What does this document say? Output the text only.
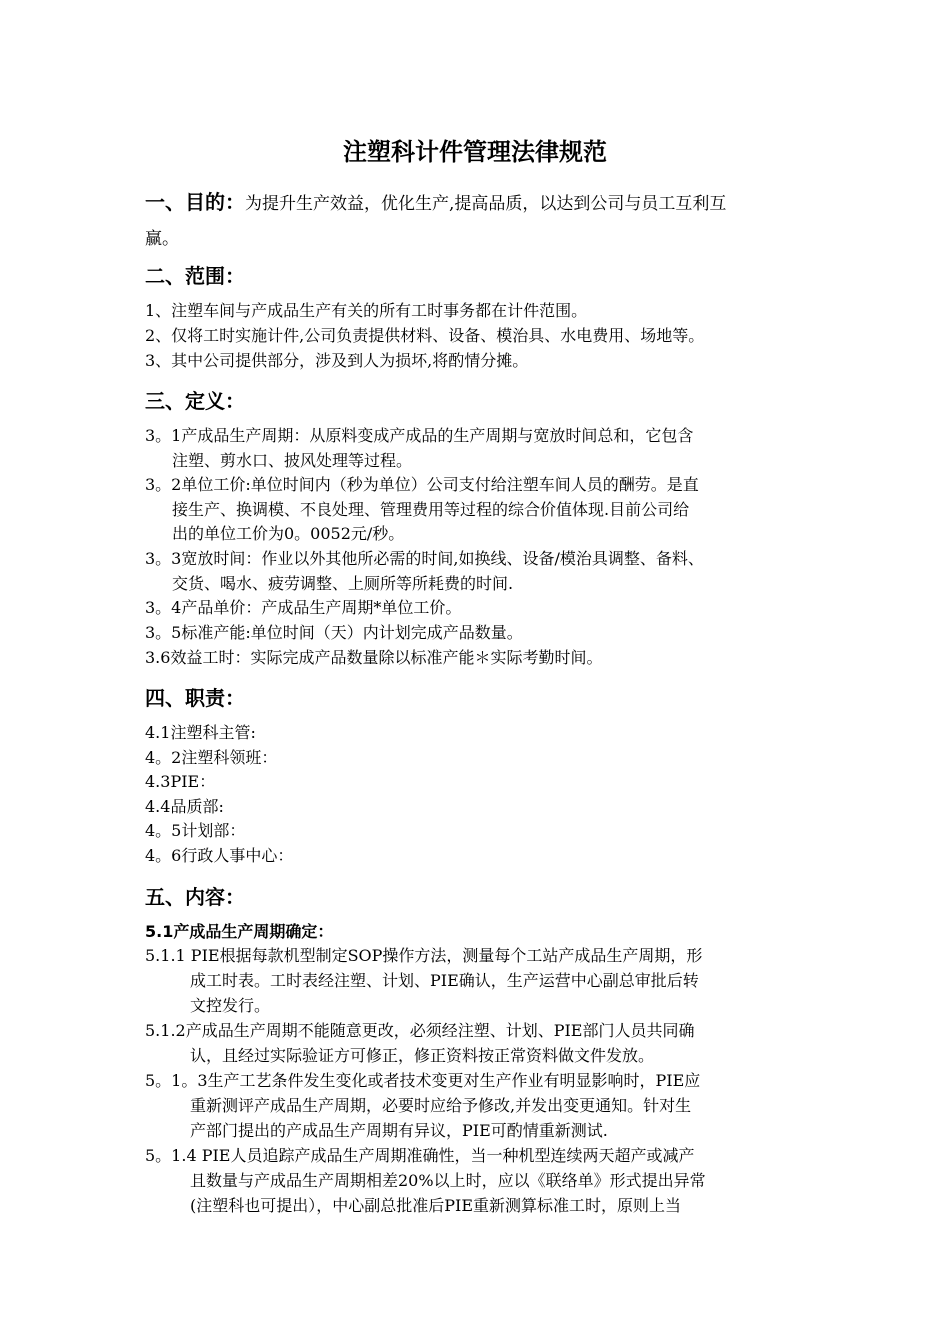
注塑科计件管理法律规范
一、目的：为提升生产效益，优化生产,提高品质，以达到公司与员工互利互
赢。
二、范围：
1、注塑车间与产成品生产有关的所有工时事务都在计件范围。
2、仅将工时实施计件,公司负责提供材料、设备、模治具、水电费用、场地等。
3、其中公司提供部分，涉及到人为损坏,将酌情分摊。
三、定义：
3。1产成品生产周期：从原料变成产成品的生产周期与宽放时间总和，它包含
注塑、剪水口、披风处理等过程。
3。2单位工价:单位时间内（秒为单位）公司支付给注塑车间人员的酬劳。是直
接生产、换调模、不良处理、管理费用等过程的综合价值体现.目前公司给
出的单位工价为0。0052元/秒。
3。3宽放时间：作业以外其他所必需的时间,如换线、设备/模治具调整、备料、
交货、喝水、疲劳调整、上厕所等所耗费的时间.
3。4产品单价：产成品生产周期*单位工价。
3。5标准产能:单位时间（天）内计划完成产品数量。
3.6效益工时：实际完成产品数量除以标准产能＊实际考勤时间。
四、职责：
4.1注塑科主管:
4。2注塑科领班：
4.3PIE：
4.4品质部:
4。5计划部：
4。6行政人事中心：
五、内容：
5.1产成品生产周期确定：
5.1.1 PIE根据每款机型制定SOP操作方法，测量每个工站产成品生产周期，形
成工时表。工时表经注塑、计划、PIE确认，生产运营中心副总审批后转
文控发行。
5.1.2产成品生产周期不能随意更改，必须经注塑、计划、PIE部门人员共同确
认，且经过实际验证方可修正，修正资料按正常资料做文件发放。
5。1。3生产工艺条件发生变化或者技术变更对生产作业有明显影响时，PIE应
重新测评产成品生产周期，必要时应给予修改,并发出变更通知。针对生
产部门提出的产成品生产周期有异议，PIE可酌情重新测试.
5。1.4 PIE人员追踪产成品生产周期准确性，当一种机型连续两天超产或减产
且数量与产成品生产周期相差20%以上时，应以《联络单》形式提出异常
(注塑科也可提出），中心副总批准后PIE重新测算标准工时，原则上当
